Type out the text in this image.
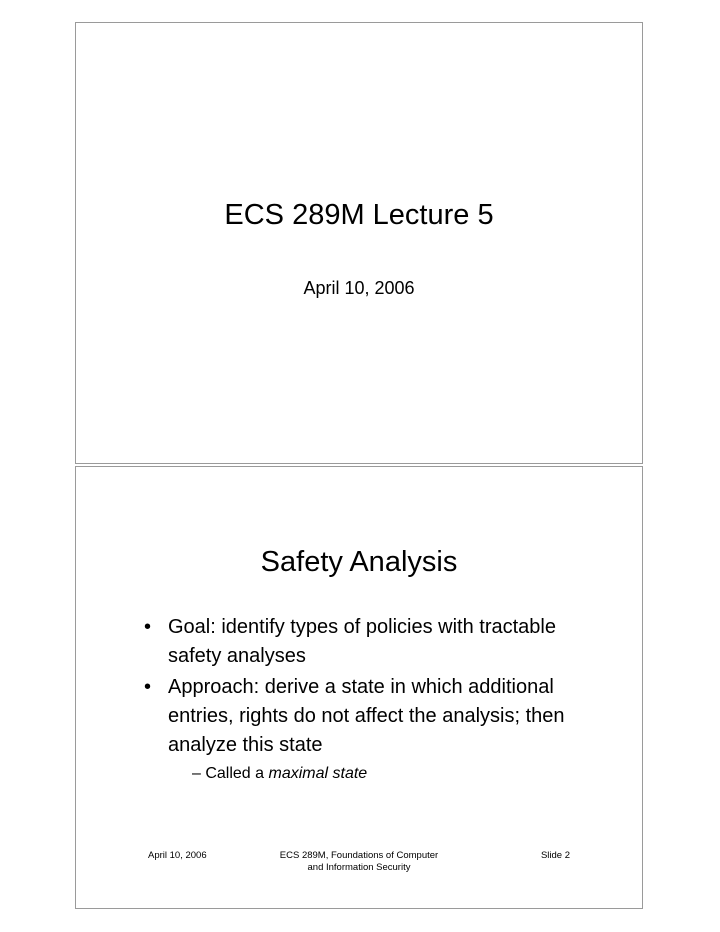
ECS 289M Lecture 5
April 10, 2006
Safety Analysis
• Goal: identify types of policies with tractable safety analyses
• Approach: derive a state in which additional entries, rights do not affect the analysis; then analyze this state
– Called a maximal state
April 10, 2006	ECS 289M, Foundations of Computer
and Information Security
Slide 2
